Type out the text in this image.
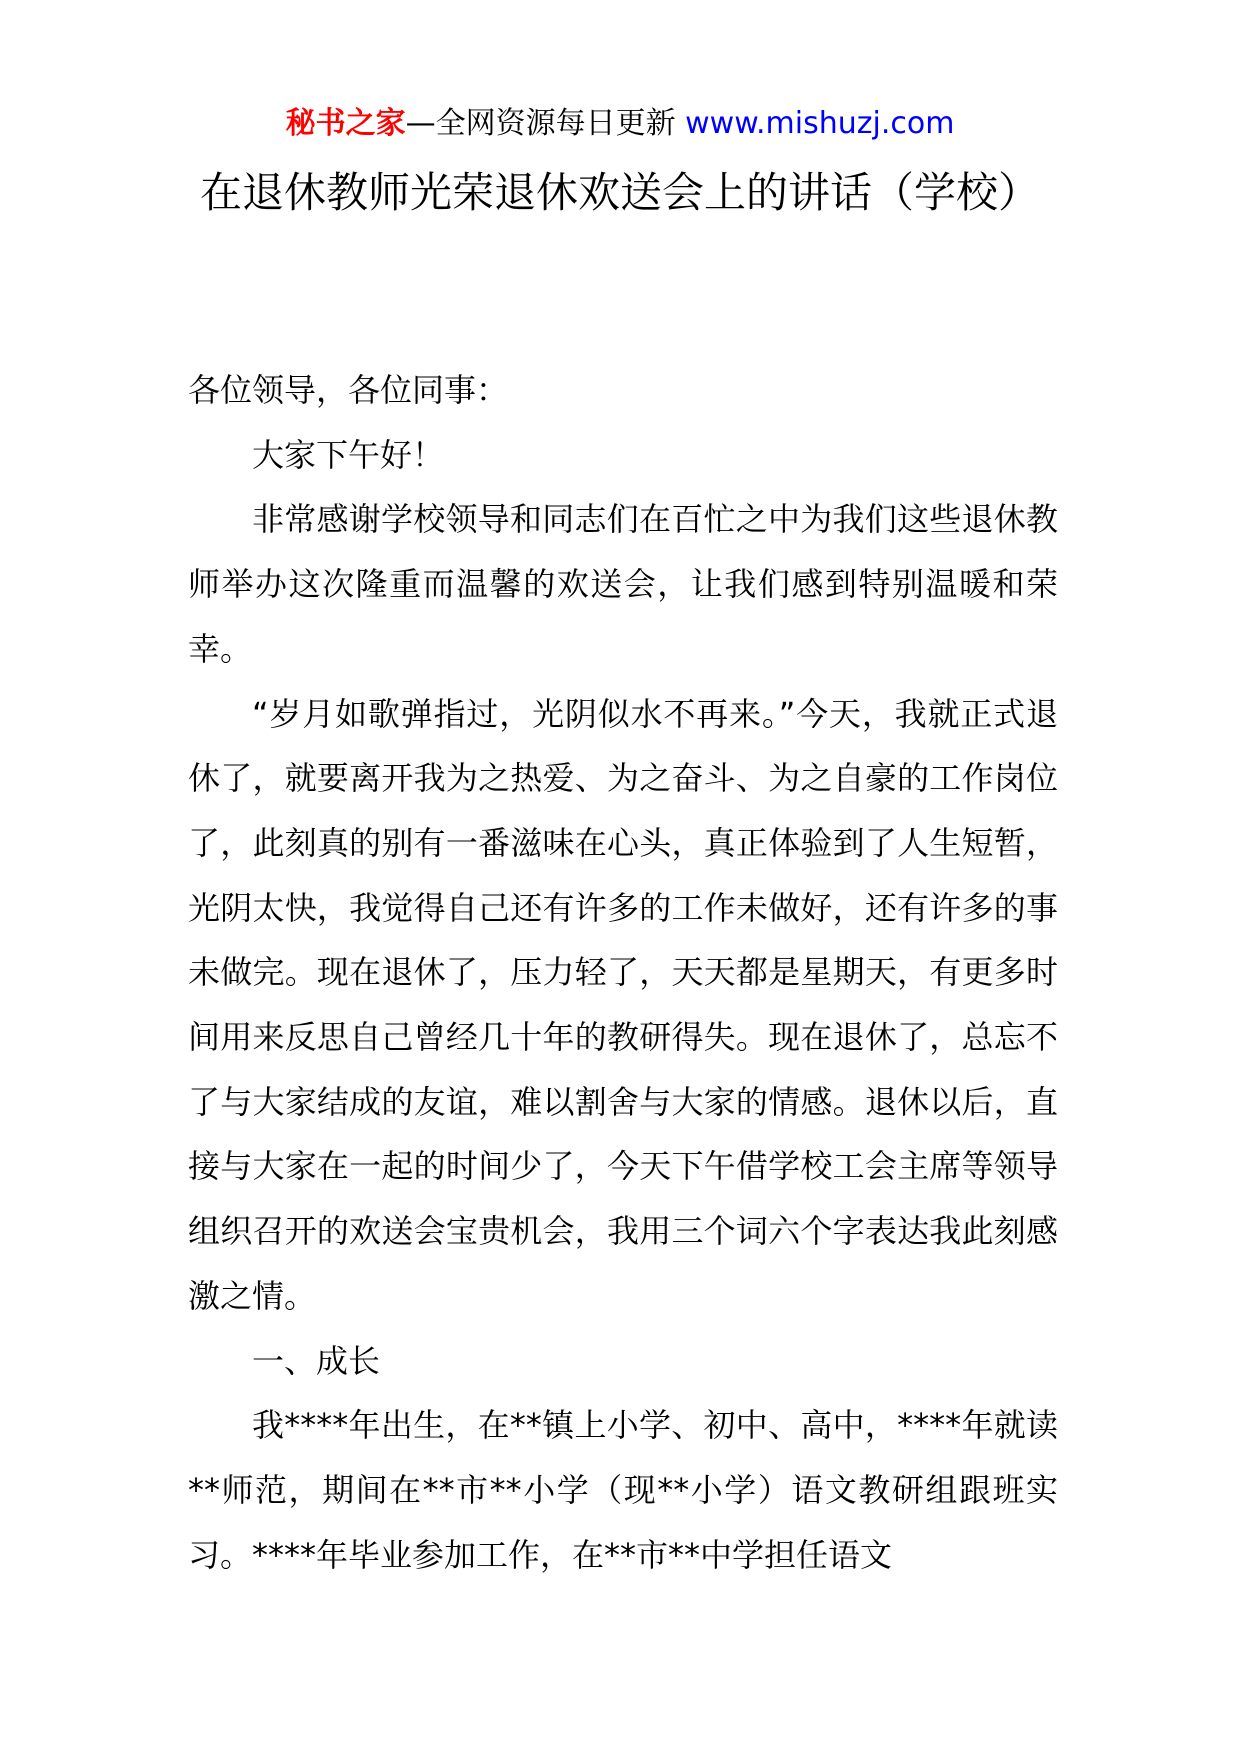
秘书之家—全网资源每日更新 www.mishuzj.com
在退休教师光荣退休欢送会上的讲话（学校）

各位领导，各位同事：

大家下午好！

非常感谢学校领导和同志们在百忙之中为我们这些退休教师举办这次隆重而温馨的欢送会，让我们感到特别温暖和荣幸。

“岁月如歌弹指过，光阴似水不再来。”今天，我就正式退休了，就要离开我为之热爱、为之奋斗、为之自豪的工作岗位了，此刻真的别有一番滋味在心头，真正体验到了人生短暂，光阴太快，我觉得自己还有许多的工作未做好，还有许多的事未做完。现在退休了，压力轻了，天天都是星期天，有更多时间用来反思自己曾经几十年的教研得失。现在退休了，总忘不了与大家结成的友谊，难以割舍与大家的情感。退休以后，直接与大家在一起的时间少了，今天下午借学校工会主席等领导组织召开的欢送会宝贵机会，我用三个词六个字表达我此刻感激之情。

一、成长

我****年出生，在**镇上小学、初中、高中，****年就读**师范，期间在**市**小学（现**小学）语文教研组跟班实习。****年毕业参加工作，在**市**中学担任语文
